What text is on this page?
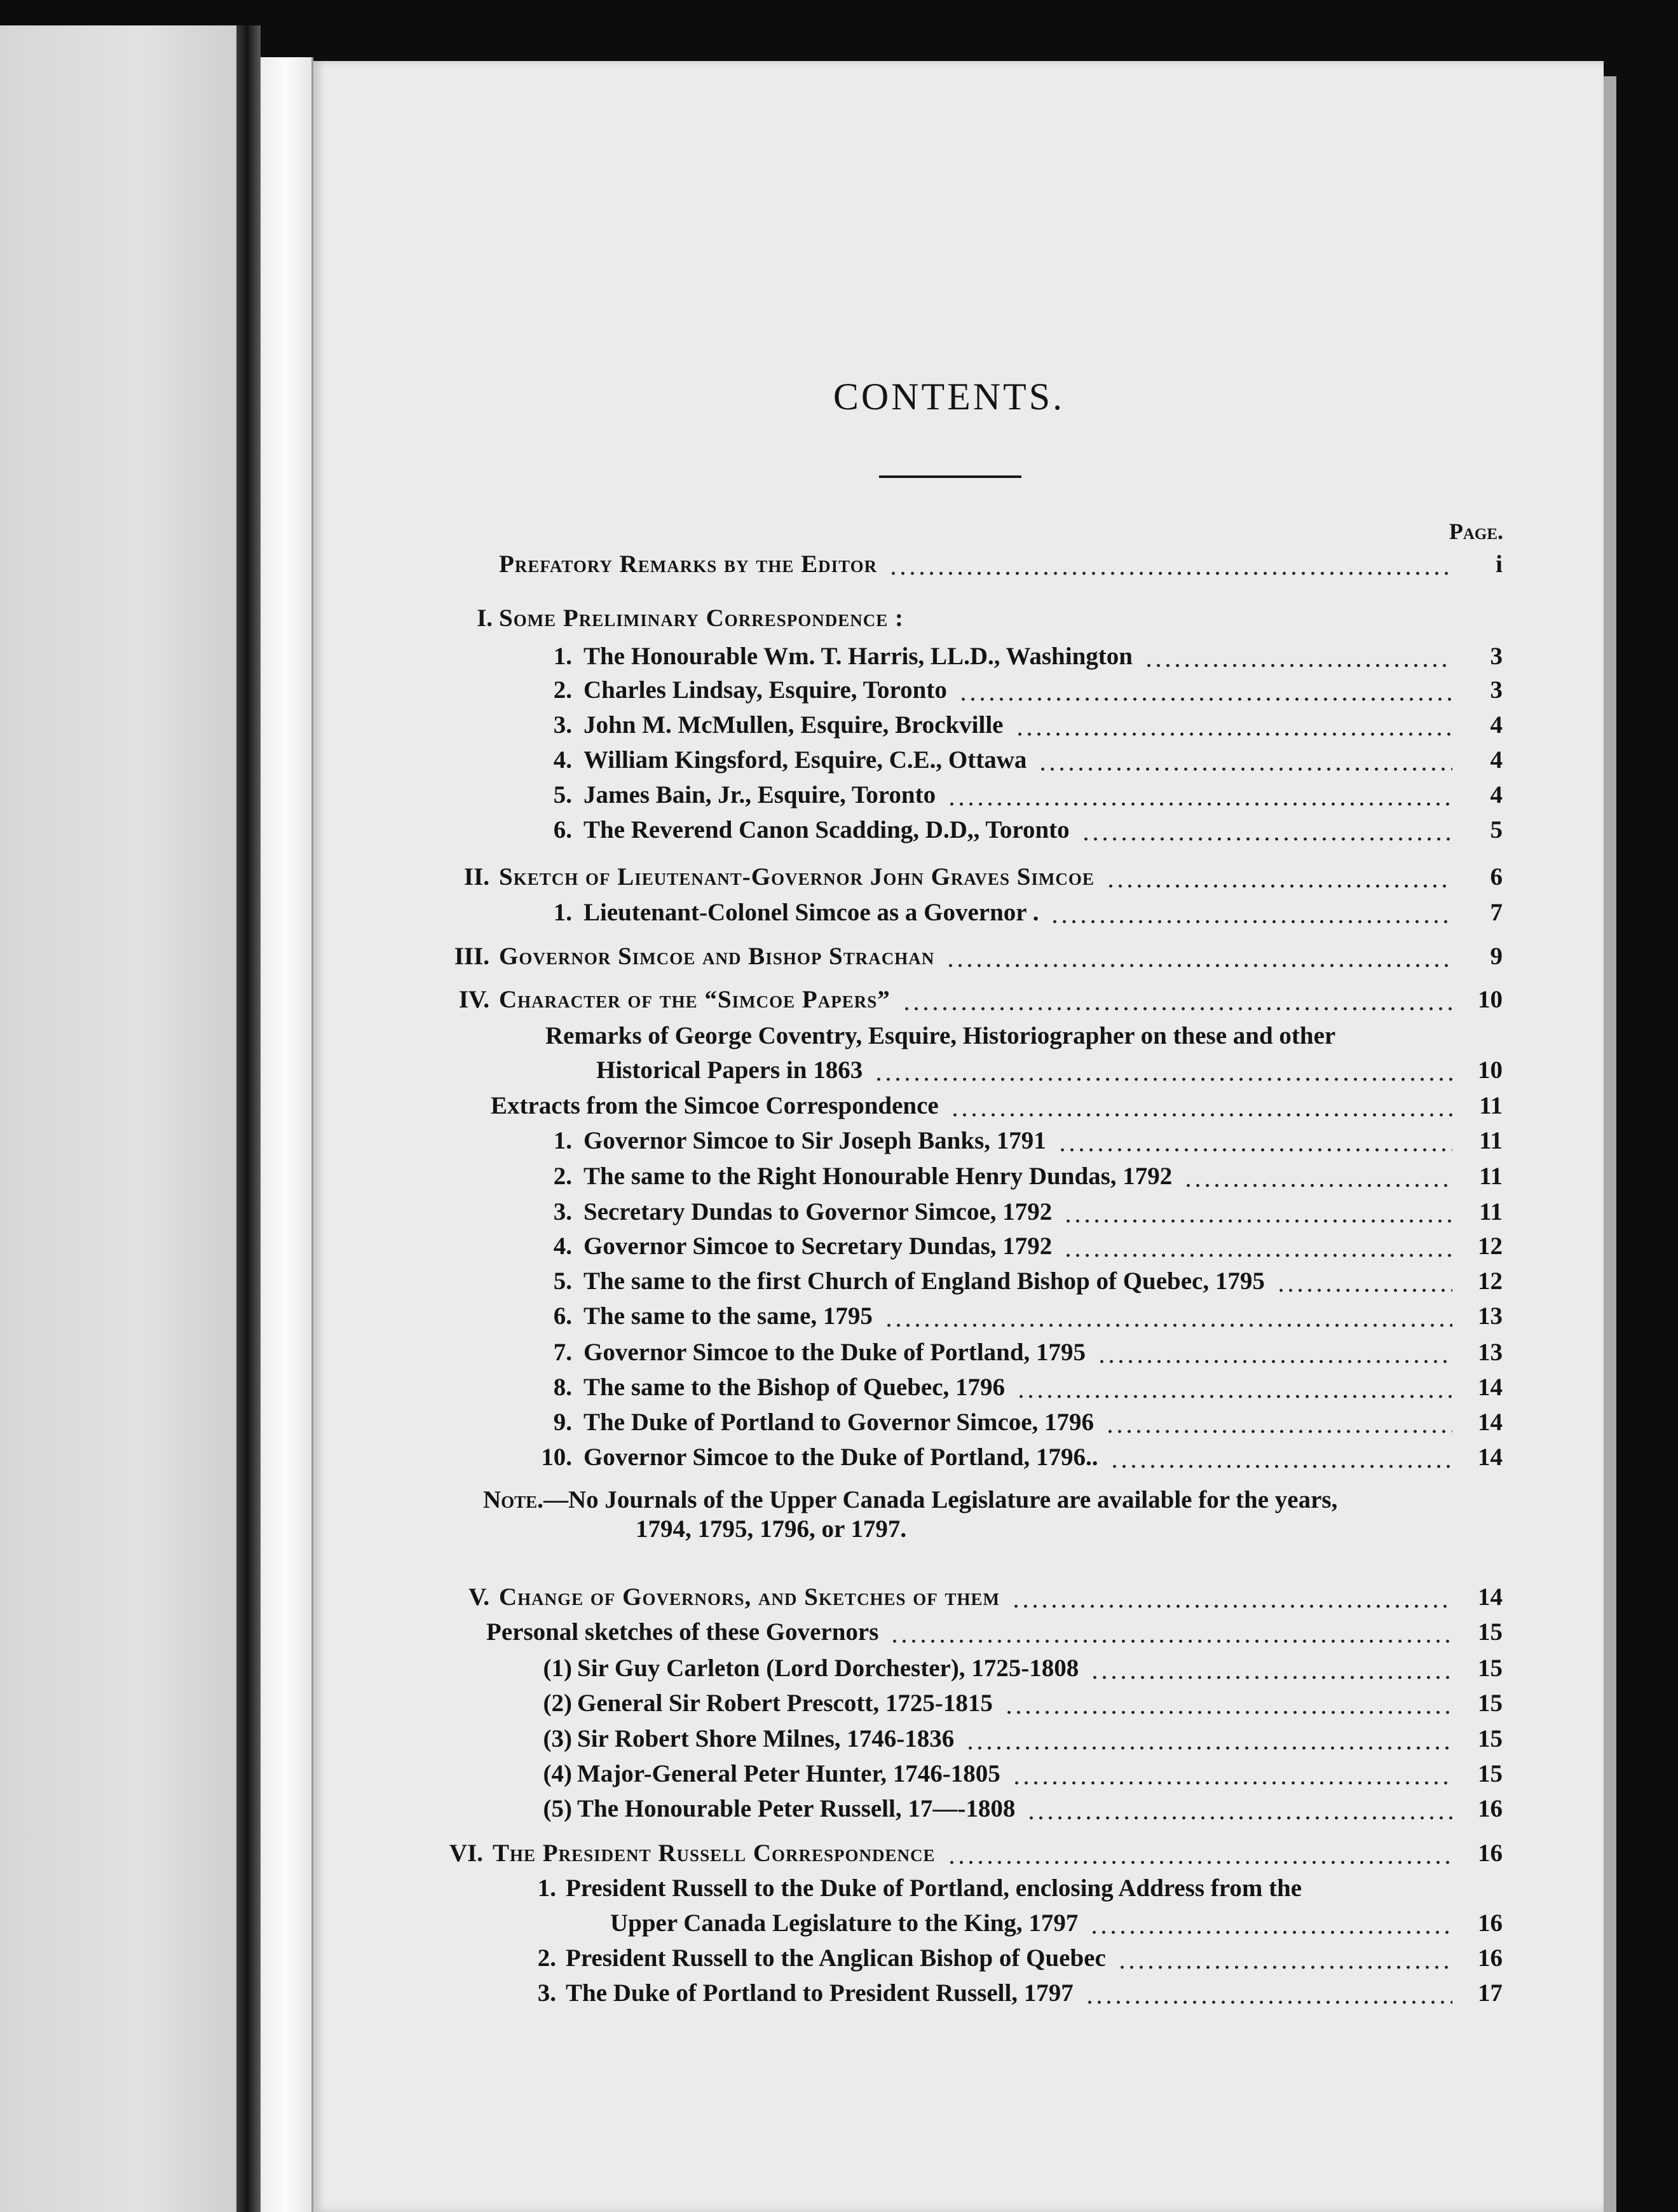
CONTENTS.
Page.
Prefatory Remarks by the Editor	i
I. Some Preliminary Correspondence :
1. The Honourable Wm. T. Harris, LL.D., Washington	3
2. Charles Lindsay, Esquire, Toronto	3
3. John M. McMullen, Esquire, Brockville	4
4. William Kingsford, Esquire, C.E., Ottawa	4
5. James Bain, Jr., Esquire, Toronto	4
6. The Reverend Canon Scadding, D.D,, Toronto	5
II. Sketch of Lieutenant-Governor John Graves Simcoe	6
1. Lieutenant-Colonel Simcoe as a Governor .	7
III. Governor Simcoe and Bishop Strachan	9
IV. Character of the “Simcoe Papers”	10
Remarks of George Coventry, Esquire, Historiographer on these and other
Historical Papers in 1863	10
Extracts from the Simcoe Correspondence	11
1. Governor Simcoe to Sir Joseph Banks, 1791	11
2. The same to the Right Honourable Henry Dundas, 1792	11
3. Secretary Dundas to Governor Simcoe, 1792	11
4. Governor Simcoe to Secretary Dundas, 1792	12
5. The same to the first Church of England Bishop of Quebec, 1795	12
6. The same to the same, 1795	13
7. Governor Simcoe to the Duke of Portland, 1795	13
8. The same to the Bishop of Quebec, 1796	14
9. The Duke of Portland to Governor Simcoe, 1796	14
10. Governor Simcoe to the Duke of Portland, 1796..	14
V. Change of Governors, and Sketches of them	14
Personal sketches of these Governors	15
(1) Sir Guy Carleton (Lord Dorchester), 1725-1808	15
(2) General Sir Robert Prescott, 1725-1815	15
(3) Sir Robert Shore Milnes, 1746-1836	15
(4) Major-General Peter Hunter, 1746-1805	15
(5) The Honourable Peter Russell, 17—-1808	16
VI. The President Russell Correspondence	16
1. President Russell to the Duke of Portland, enclosing Address from the
Upper Canada Legislature to the King, 1797	16
2. President Russell to the Anglican Bishop of Quebec	16
3. The Duke of Portland to President Russell, 1797	17
Note.—No Journals of the Upper Canada Legislature are available for the years,
1794, 1795, 1796, or 1797.
